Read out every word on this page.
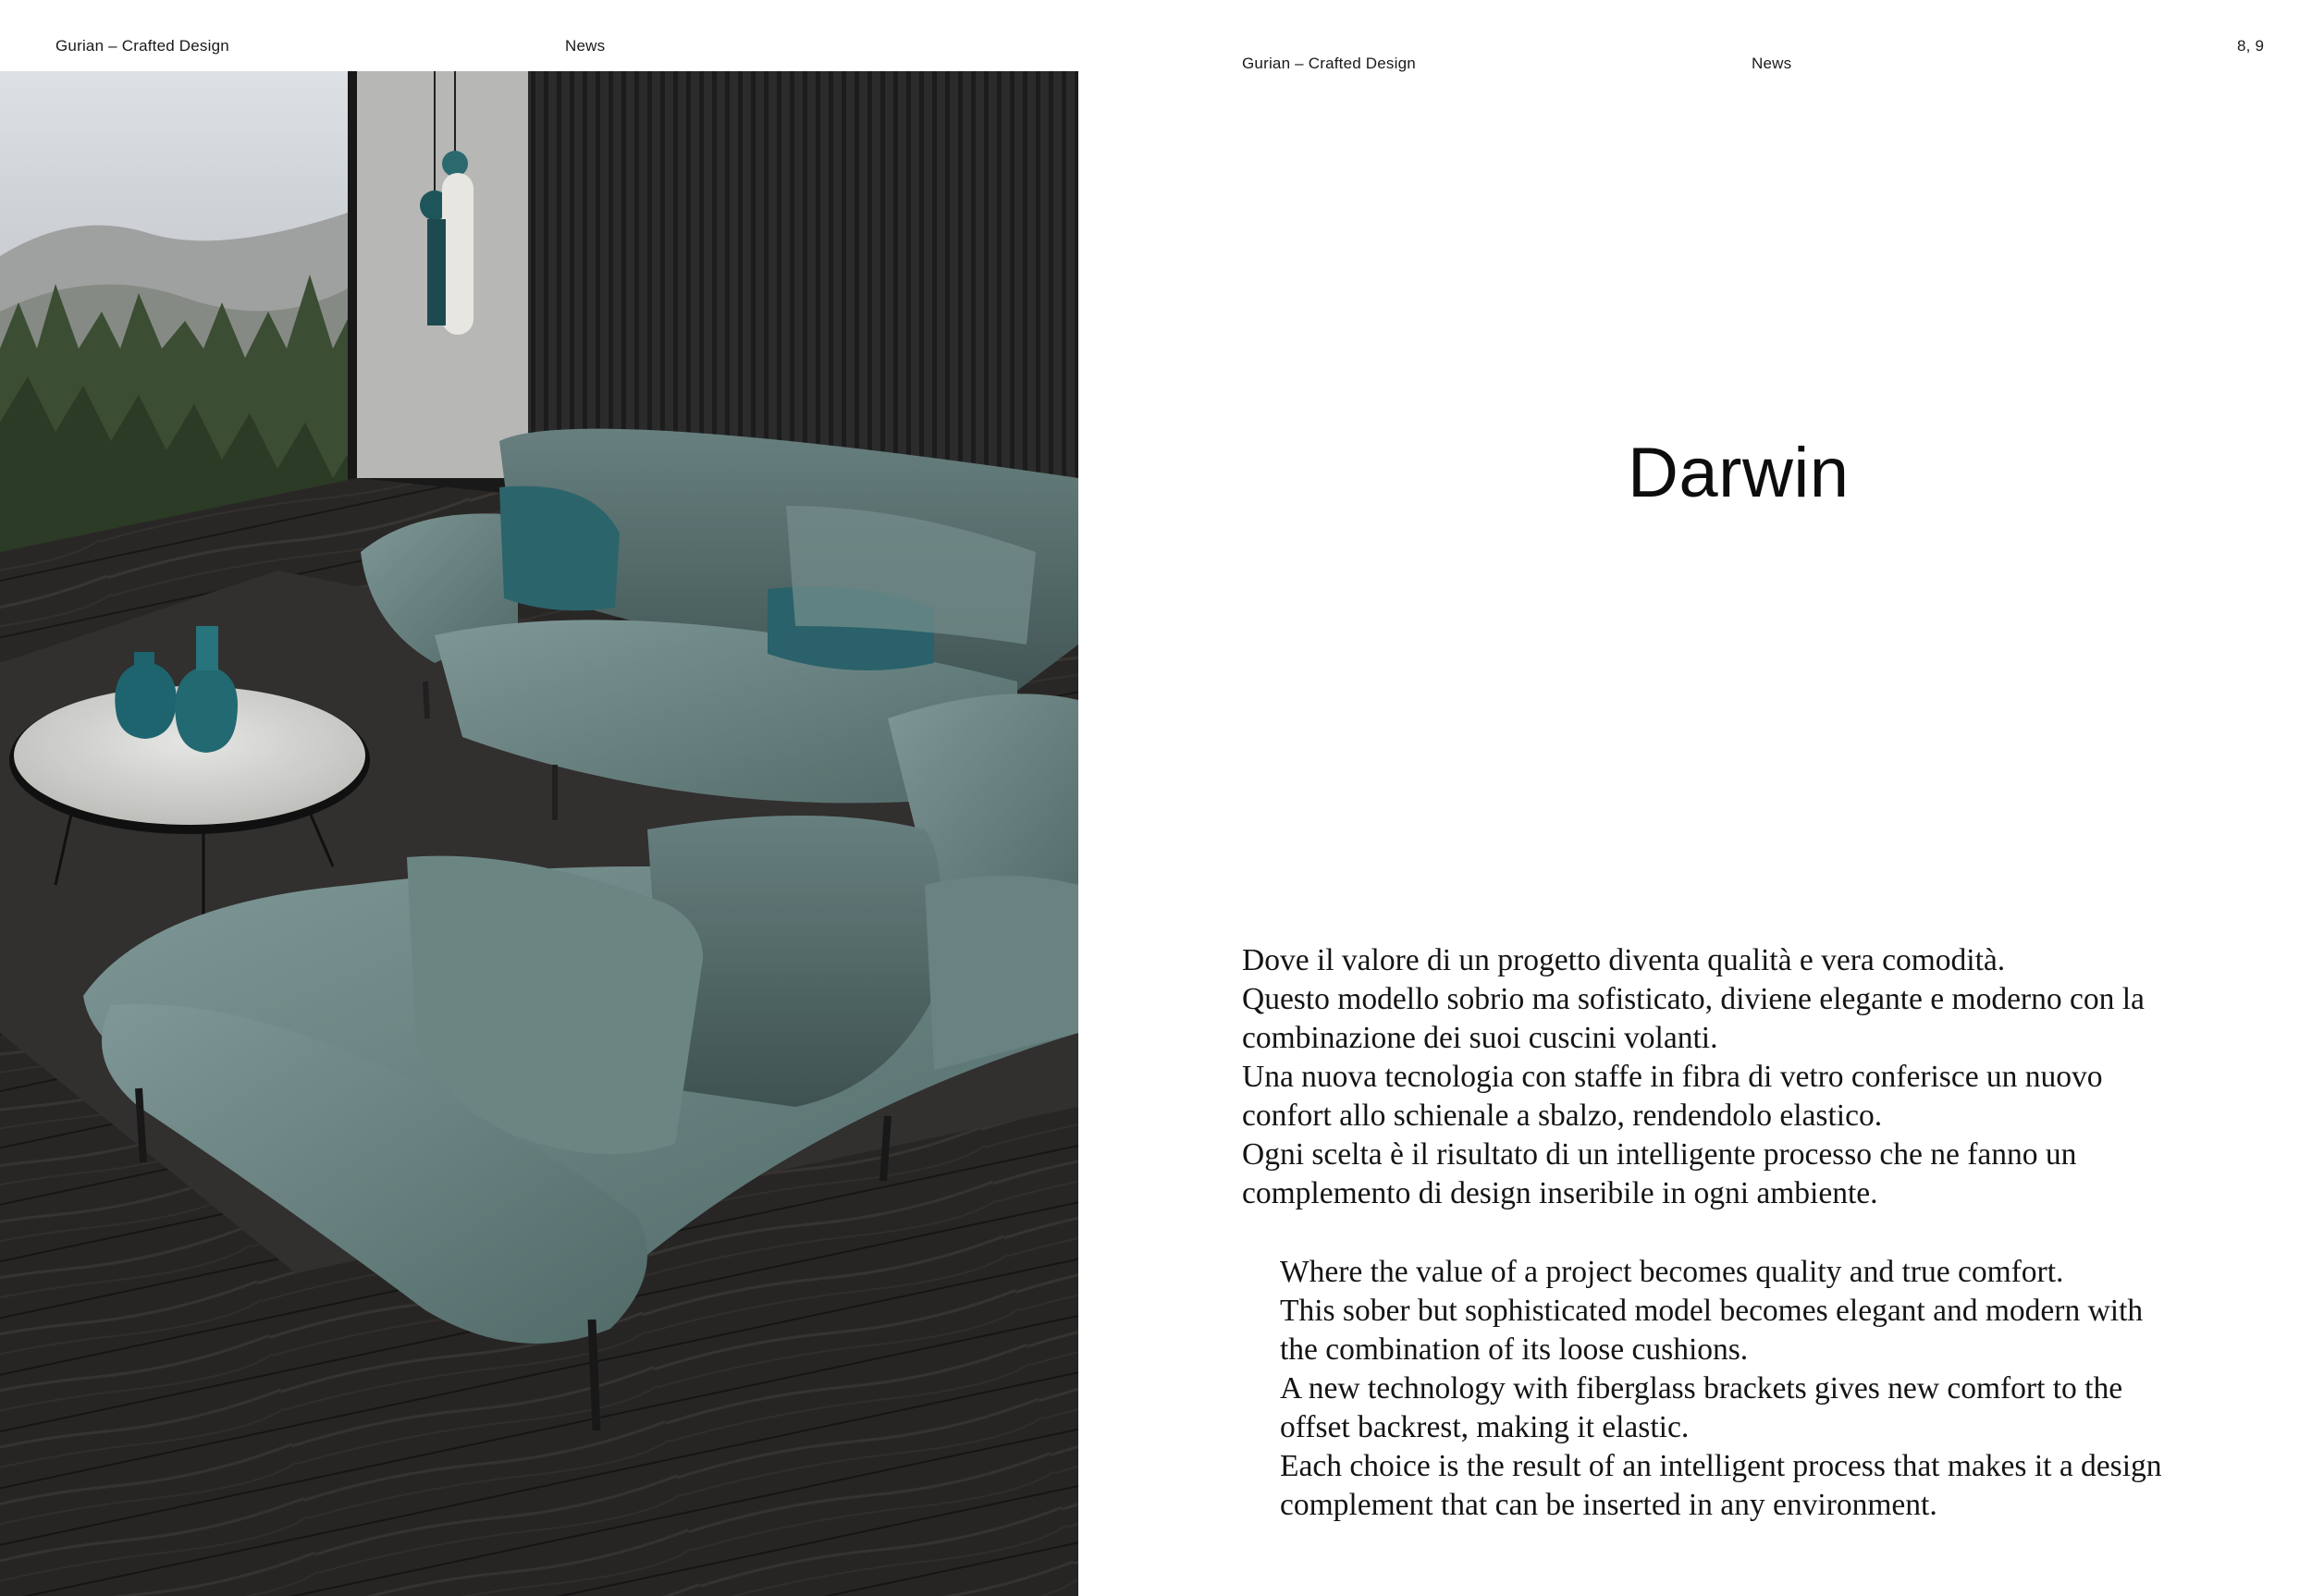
Gurian – Crafted Design	News
Gurian – Crafted Design	News
8, 9
Darwin

Dove il valore di un progetto diventa qualità e vera comodità.

Questo modello sobrio ma sofisticato, diviene elegante e moderno con la

combinazione dei suoi cuscini volanti.

Una nuova tecnologia con staffe in fibra di vetro conferisce un nuovo

confort allo schienale a sbalzo, rendendolo elastico.

Ogni scelta è il risultato di un intelligente processo che ne fanno un

complemento di design inseribile in ogni ambiente.

Where the value of a project becomes quality and true comfort.

This sober but sophisticated model becomes elegant and modern with

the combination of its loose cushions.

A new technology with fiberglass brackets gives new comfort to the

offset backrest, making it elastic.

Each choice is the result of an intelligent process that makes it a design

complement that can be inserted in any environment.
